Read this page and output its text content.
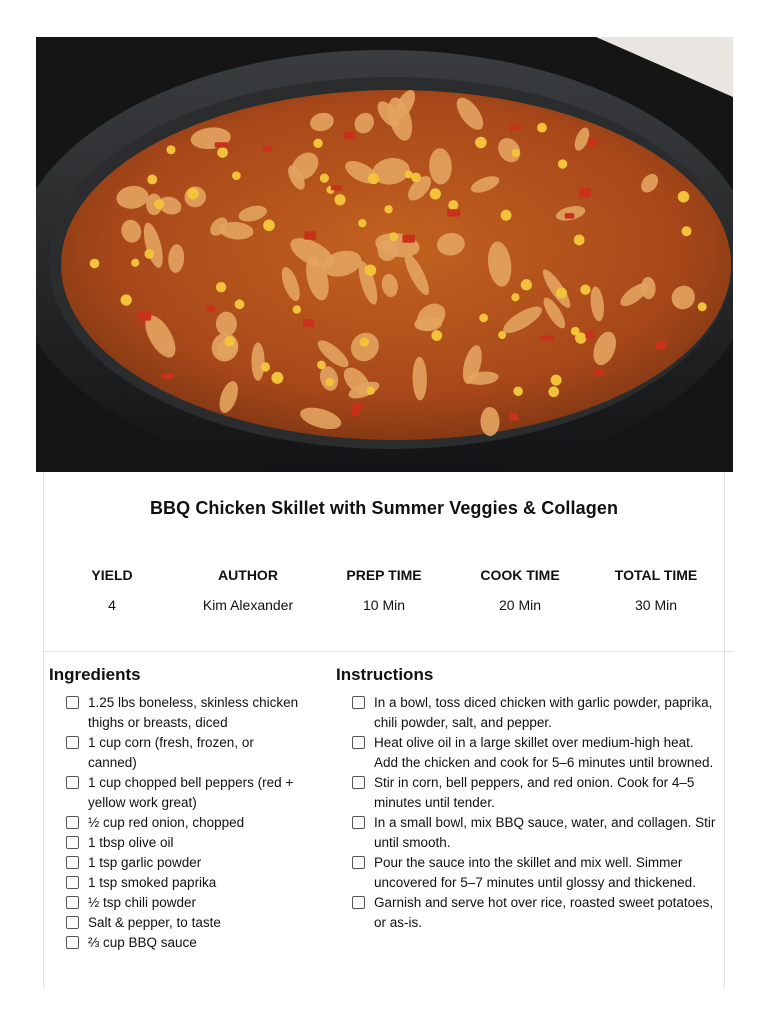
BBQ Chicken Skillet with Summer Veggies & Collagen
YIELD
4
AUTHOR
Kim Alexander
PREP TIME
10 Min
COOK TIME
20 Min
TOTAL TIME
30 Min
Ingredients
1.25 lbs boneless, skinless chicken thighs or breasts, diced
1 cup corn (fresh, frozen, or canned)
1 cup chopped bell peppers (red + yellow work great)
½ cup red onion, chopped
1 tbsp olive oil
1 tsp garlic powder
1 tsp smoked paprika
½ tsp chili powder
Salt & pepper, to taste
⅔ cup BBQ sauce
Instructions
In a bowl, toss diced chicken with garlic powder, paprika, chili powder, salt, and pepper.
Heat olive oil in a large skillet over medium-high heat. Add the chicken and cook for 5–6 minutes until browned.
Stir in corn, bell peppers, and red onion. Cook for 4–5 minutes until tender.
In a small bowl, mix BBQ sauce, water, and collagen. Stir until smooth.
Pour the sauce into the skillet and mix well. Simmer uncovered for 5–7 minutes until glossy and thickened.
Garnish and serve hot over rice, roasted sweet potatoes, or as-is.
